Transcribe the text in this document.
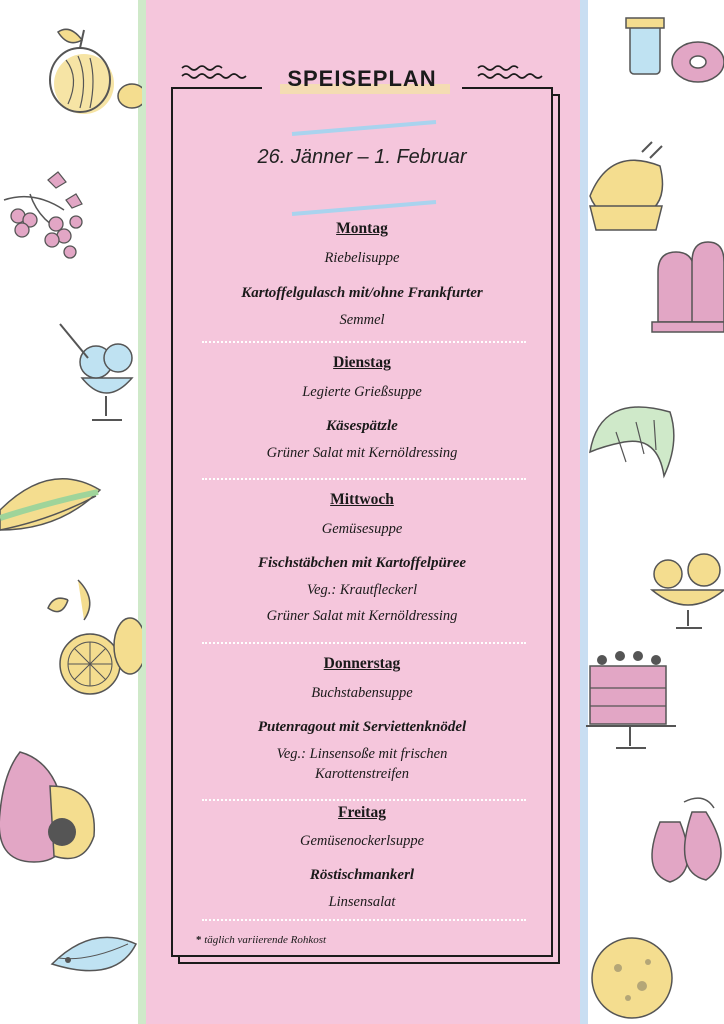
SPEISEPLAN
26. Jänner – 1. Februar
Montag
Riebelisuppe
Kartoffelgulasch mit/ohne Frankfurter
Semmel
Dienstag
Legierte Grießsuppe
Käsespätzle
Grüner Salat mit Kernöldressing
Mittwoch
Gemüsesuppe
Fischstäbchen mit Kartoffelpüree
Veg.: Krautfleckerl
Grüner Salat mit Kernöldressing
Donnerstag
Buchstabensuppe
Putenragout mit Serviettenknödel
Veg.: Linsensoße mit frischen
Karottenstreifen
Freitag
Gemüsenockerlsuppe
Röstischmankerl
Linsensalat
* täglich variierende Rohkost
